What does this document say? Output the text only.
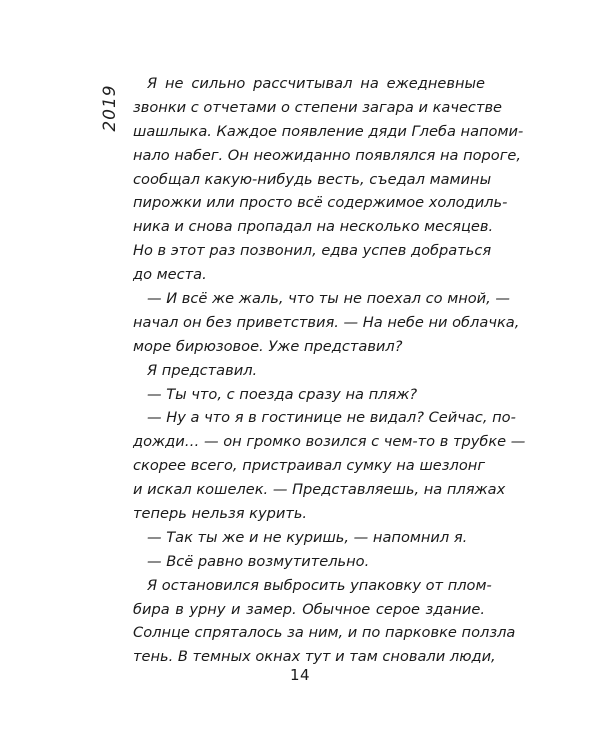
2019
Я не сильно рассчитывал на ежедневные
звонки с отчетами о степени загара и качестве
шашлыка. Каждое появление дяди Глеба напоми-
нало набег. Он неожиданно появлялся на пороге,
сообщал какую-нибудь весть, съедал мамины
пирожки или просто всё содержимое холодиль-
ника и снова пропадал на несколько месяцев.
Но в этот раз позвонил, едва успев добраться
до места.
— И всё же жаль, что ты не поехал со мной, —
начал он без приветствия. — На небе ни облачка,
море бирюзовое. Уже представил?
Я представил.
— Ты что, с поезда сразу на пляж?
— Ну а что я в гостинице не видал? Сейчас, по-
дожди… — он громко возился с чем-то в трубке —
скорее всего, пристраивал сумку на шезлонг
и искал кошелек. — Представляешь, на пляжах
теперь нельзя курить.
— Так ты же и не куришь, — напомнил я.
— Всё равно возмутительно.
Я остановился выбросить упаковку от плом-
бира в урну и замер. Обычное серое здание.
Солнце спряталось за ним, и по парковке ползла
тень. В темных окнах тут и там сновали люди,
14
